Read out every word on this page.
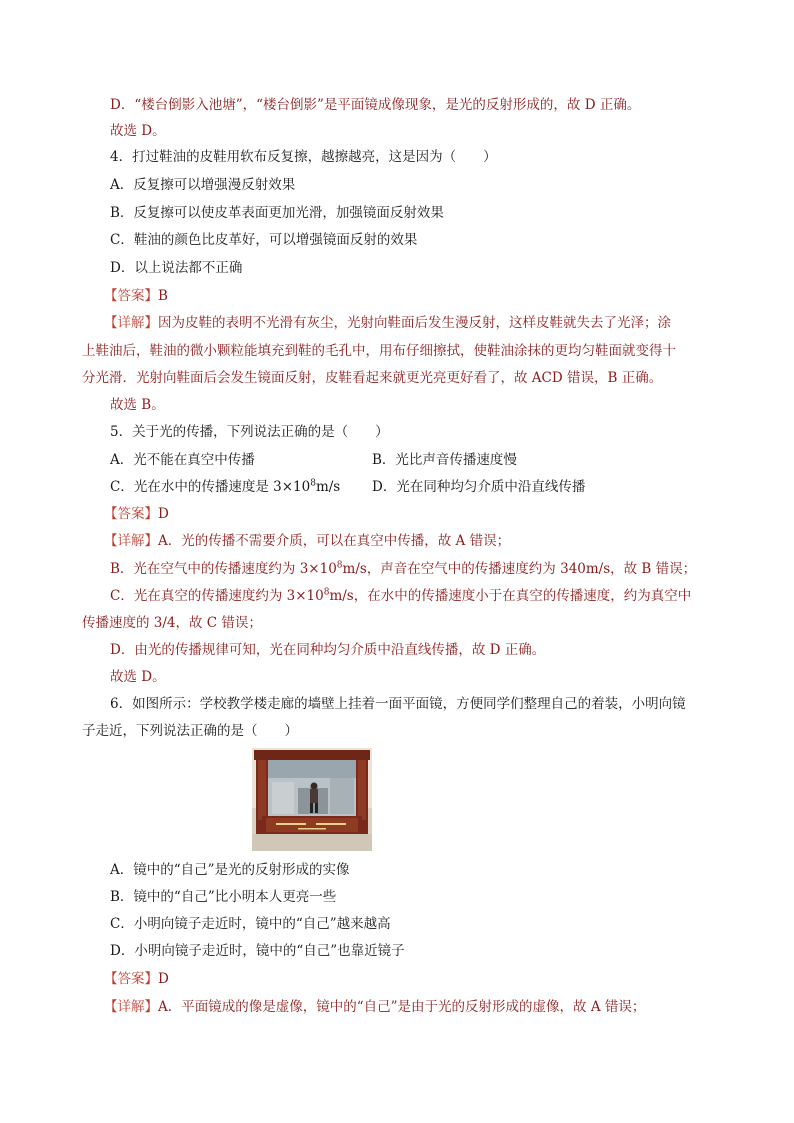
D．“楼台倒影入池塘”，“楼台倒影”是平面镜成像现象，是光的反射形成的，故 D 正确。
故选 D。
4．打过鞋油的皮鞋用软布反复擦，越擦越亮，这是因为（　　）
A．反复擦可以增强漫反射效果
B．反复擦可以使皮革表面更加光滑，加强镜面反射效果
C．鞋油的颜色比皮革好，可以增强镜面反射的效果
D．以上说法都不正确
【答案】B
【详解】因为皮鞋的表明不光滑有灰尘，光射向鞋面后发生漫反射，这样皮鞋就失去了光泽；涂
上鞋油后，鞋油的微小颗粒能填充到鞋的毛孔中，用布仔细擦拭，使鞋油涂抹的更均匀鞋面就变得十
分光滑．光射向鞋面后会发生镜面反射，皮鞋看起来就更光亮更好看了，故 ACD 错误，B 正确。
故选 B。
5．关于光的传播，下列说法正确的是（　　）
A．光不能在真空中传播	B．光比声音传播速度慢
C．光在水中的传播速度是 $3\times 10^8m/s$ D．光在同种均匀介质中沿直线传播
【答案】D
【详解】A．光的传播不需要介质，可以在真空中传播，故 A 错误；
B．光在空气中的传播速度约为 $3\times 10^8m/s$，声音在空气中的传播速度约为 340m/s，故 B 错误；
C．光在真空的传播速度约为 $3\times 10^8m/s$，在水中的传播速度小于在真空的传播速度，约为真空中
传播速度的 3/4，故 C 错误；
D．由光的传播规律可知，光在同种均匀介质中沿直线传播，故 D 正确。
故选 D。
6．如图所示：学校教学楼走廊的墙壁上挂着一面平面镜，方便同学们整理自己的着装，小明向镜
子走近，下列说法正确的是（　　）
A．镜中的“自己”是光的反射形成的实像
B．镜中的“自己”比小明本人更亮一些
C．小明向镜子走近时，镜中的“自己”越来越高
D．小明向镜子走近时，镜中的“自己”也靠近镜子
【答案】D
【详解】A．平面镜成的像是虚像，镜中的“自己”是由于光的反射形成的虚像，故 A 错误；
